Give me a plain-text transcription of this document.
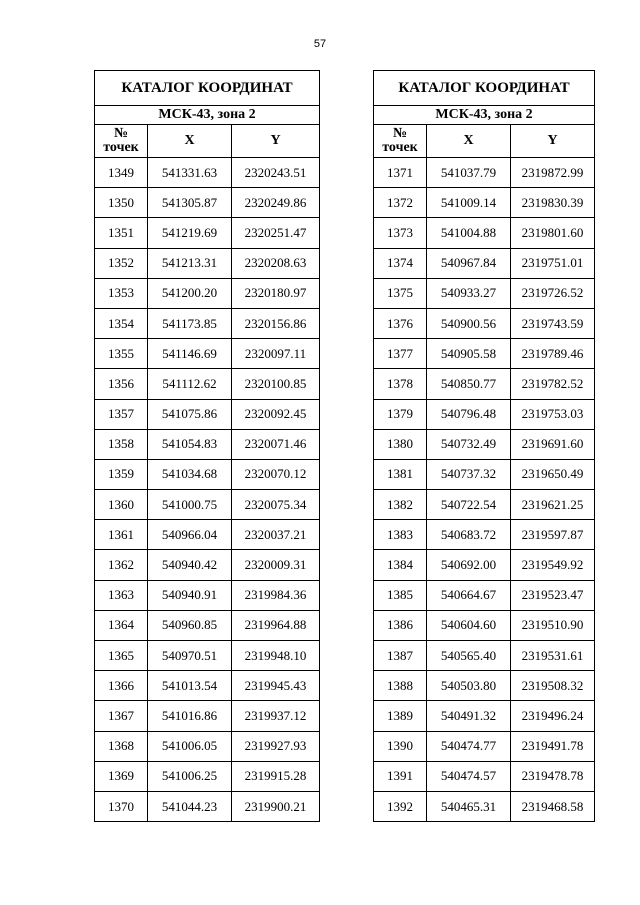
57
КАТАЛОГ КООРДИНАТ		
МСК-43, зона 2		
№
точек	X	Y
1349	541331.63	2320243.51
1350	541305.87	2320249.86
1351	541219.69	2320251.47
1352	541213.31	2320208.63
1353	541200.20	2320180.97
1354	541173.85	2320156.86
1355	541146.69	2320097.11
1356	541112.62	2320100.85
1357	541075.86	2320092.45
1358	541054.83	2320071.46
1359	541034.68	2320070.12
1360	541000.75	2320075.34
1361	540966.04	2320037.21
1362	540940.42	2320009.31
1363	540940.91	2319984.36
1364	540960.85	2319964.88
1365	540970.51	2319948.10
1366	541013.54	2319945.43
1367	541016.86	2319937.12
1368	541006.05	2319927.93
1369	541006.25	2319915.28
1370	541044.23	2319900.21
КАТАЛОГ КООРДИНАТ		
МСК-43, зона 2		
№
точек	X	Y
1371	541037.79	2319872.99
1372	541009.14	2319830.39
1373	541004.88	2319801.60
1374	540967.84	2319751.01
1375	540933.27	2319726.52
1376	540900.56	2319743.59
1377	540905.58	2319789.46
1378	540850.77	2319782.52
1379	540796.48	2319753.03
1380	540732.49	2319691.60
1381	540737.32	2319650.49
1382	540722.54	2319621.25
1383	540683.72	2319597.87
1384	540692.00	2319549.92
1385	540664.67	2319523.47
1386	540604.60	2319510.90
1387	540565.40	2319531.61
1388	540503.80	2319508.32
1389	540491.32	2319496.24
1390	540474.77	2319491.78
1391	540474.57	2319478.78
1392	540465.31	2319468.58
